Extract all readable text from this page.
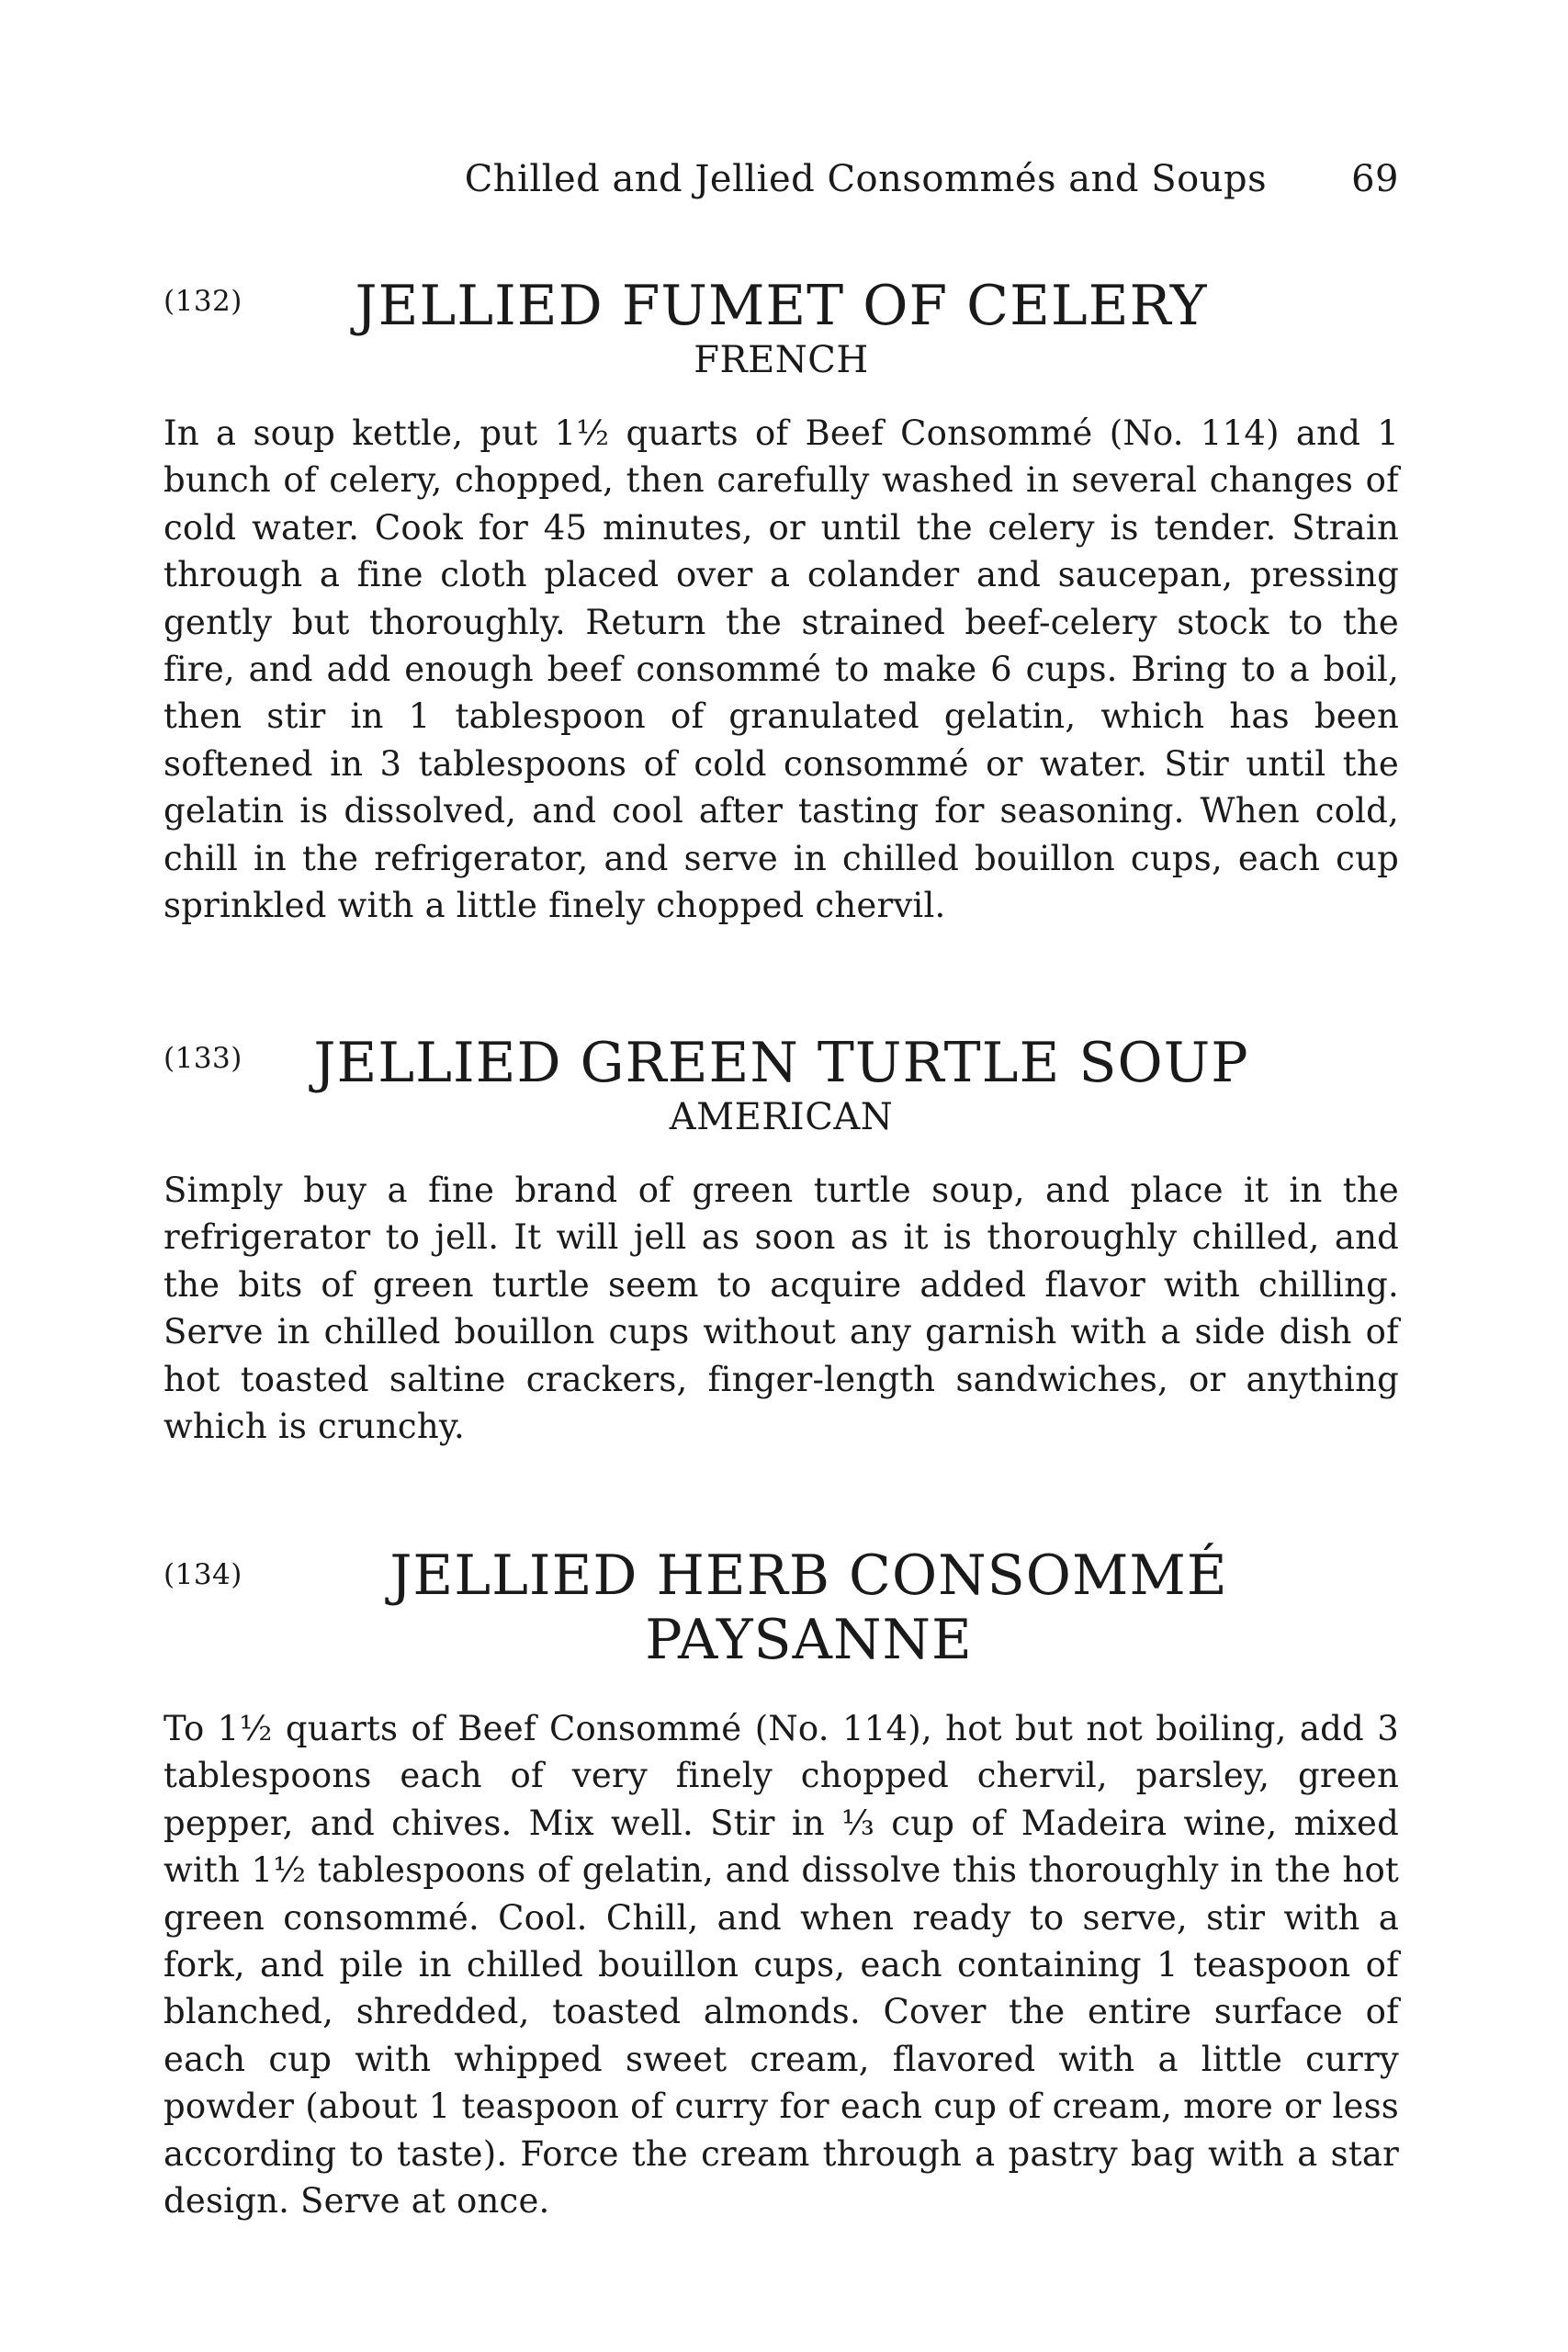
Chilled and Jellied Consommés and Soups 69
(132)	JELLIED FUMET OF CELERY
FRENCH

In a soup kettle, put 1½ quarts of Beef Consommé (No. 114) and 1 bunch of celery, chopped, then carefully washed in several changes of cold water. Cook for 45 minutes, or until the celery is tender. Strain through a fine cloth placed over a colander and saucepan, pressing gently but thoroughly. Return the strained beef-celery stock to the fire, and add enough beef consommé to make 6 cups. Bring to a boil, then stir in 1 tablespoon of granulated gelatin, which has been softened in 3 tablespoons of cold consommé or water. Stir until the gelatin is dissolved, and cool after tasting for seasoning. When cold, chill in the refrigerator, and serve in chilled bouillon cups, each cup sprinkled with a little finely chopped chervil.

(133)	JELLIED GREEN TURTLE SOUP
AMERICAN

Simply buy a fine brand of green turtle soup, and place it in the refrigerator to jell. It will jell as soon as it is thoroughly chilled, and the bits of green turtle seem to acquire added flavor with chilling. Serve in chilled bouillon cups without any garnish with a side dish of hot toasted saltine crackers, finger-length sandwiches, or anything which is crunchy.

(134)	JELLIED HERB CONSOMMÉ PAYSANNE

To 1½ quarts of Beef Consommé (No. 114), hot but not boiling, add 3 tablespoons each of very finely chopped chervil, parsley, green pepper, and chives. Mix well. Stir in ⅓ cup of Madeira wine, mixed with 1½ tablespoons of gelatin, and dissolve this thoroughly in the hot green consommé. Cool. Chill, and when ready to serve, stir with a fork, and pile in chilled bouillon cups, each containing 1 teaspoon of blanched, shredded, toasted almonds. Cover the entire surface of each cup with whipped sweet cream, flavored with a little curry powder (about 1 teaspoon of curry for each cup of cream, more or less according to taste). Force the cream through a pastry bag with a star design. Serve at once.
